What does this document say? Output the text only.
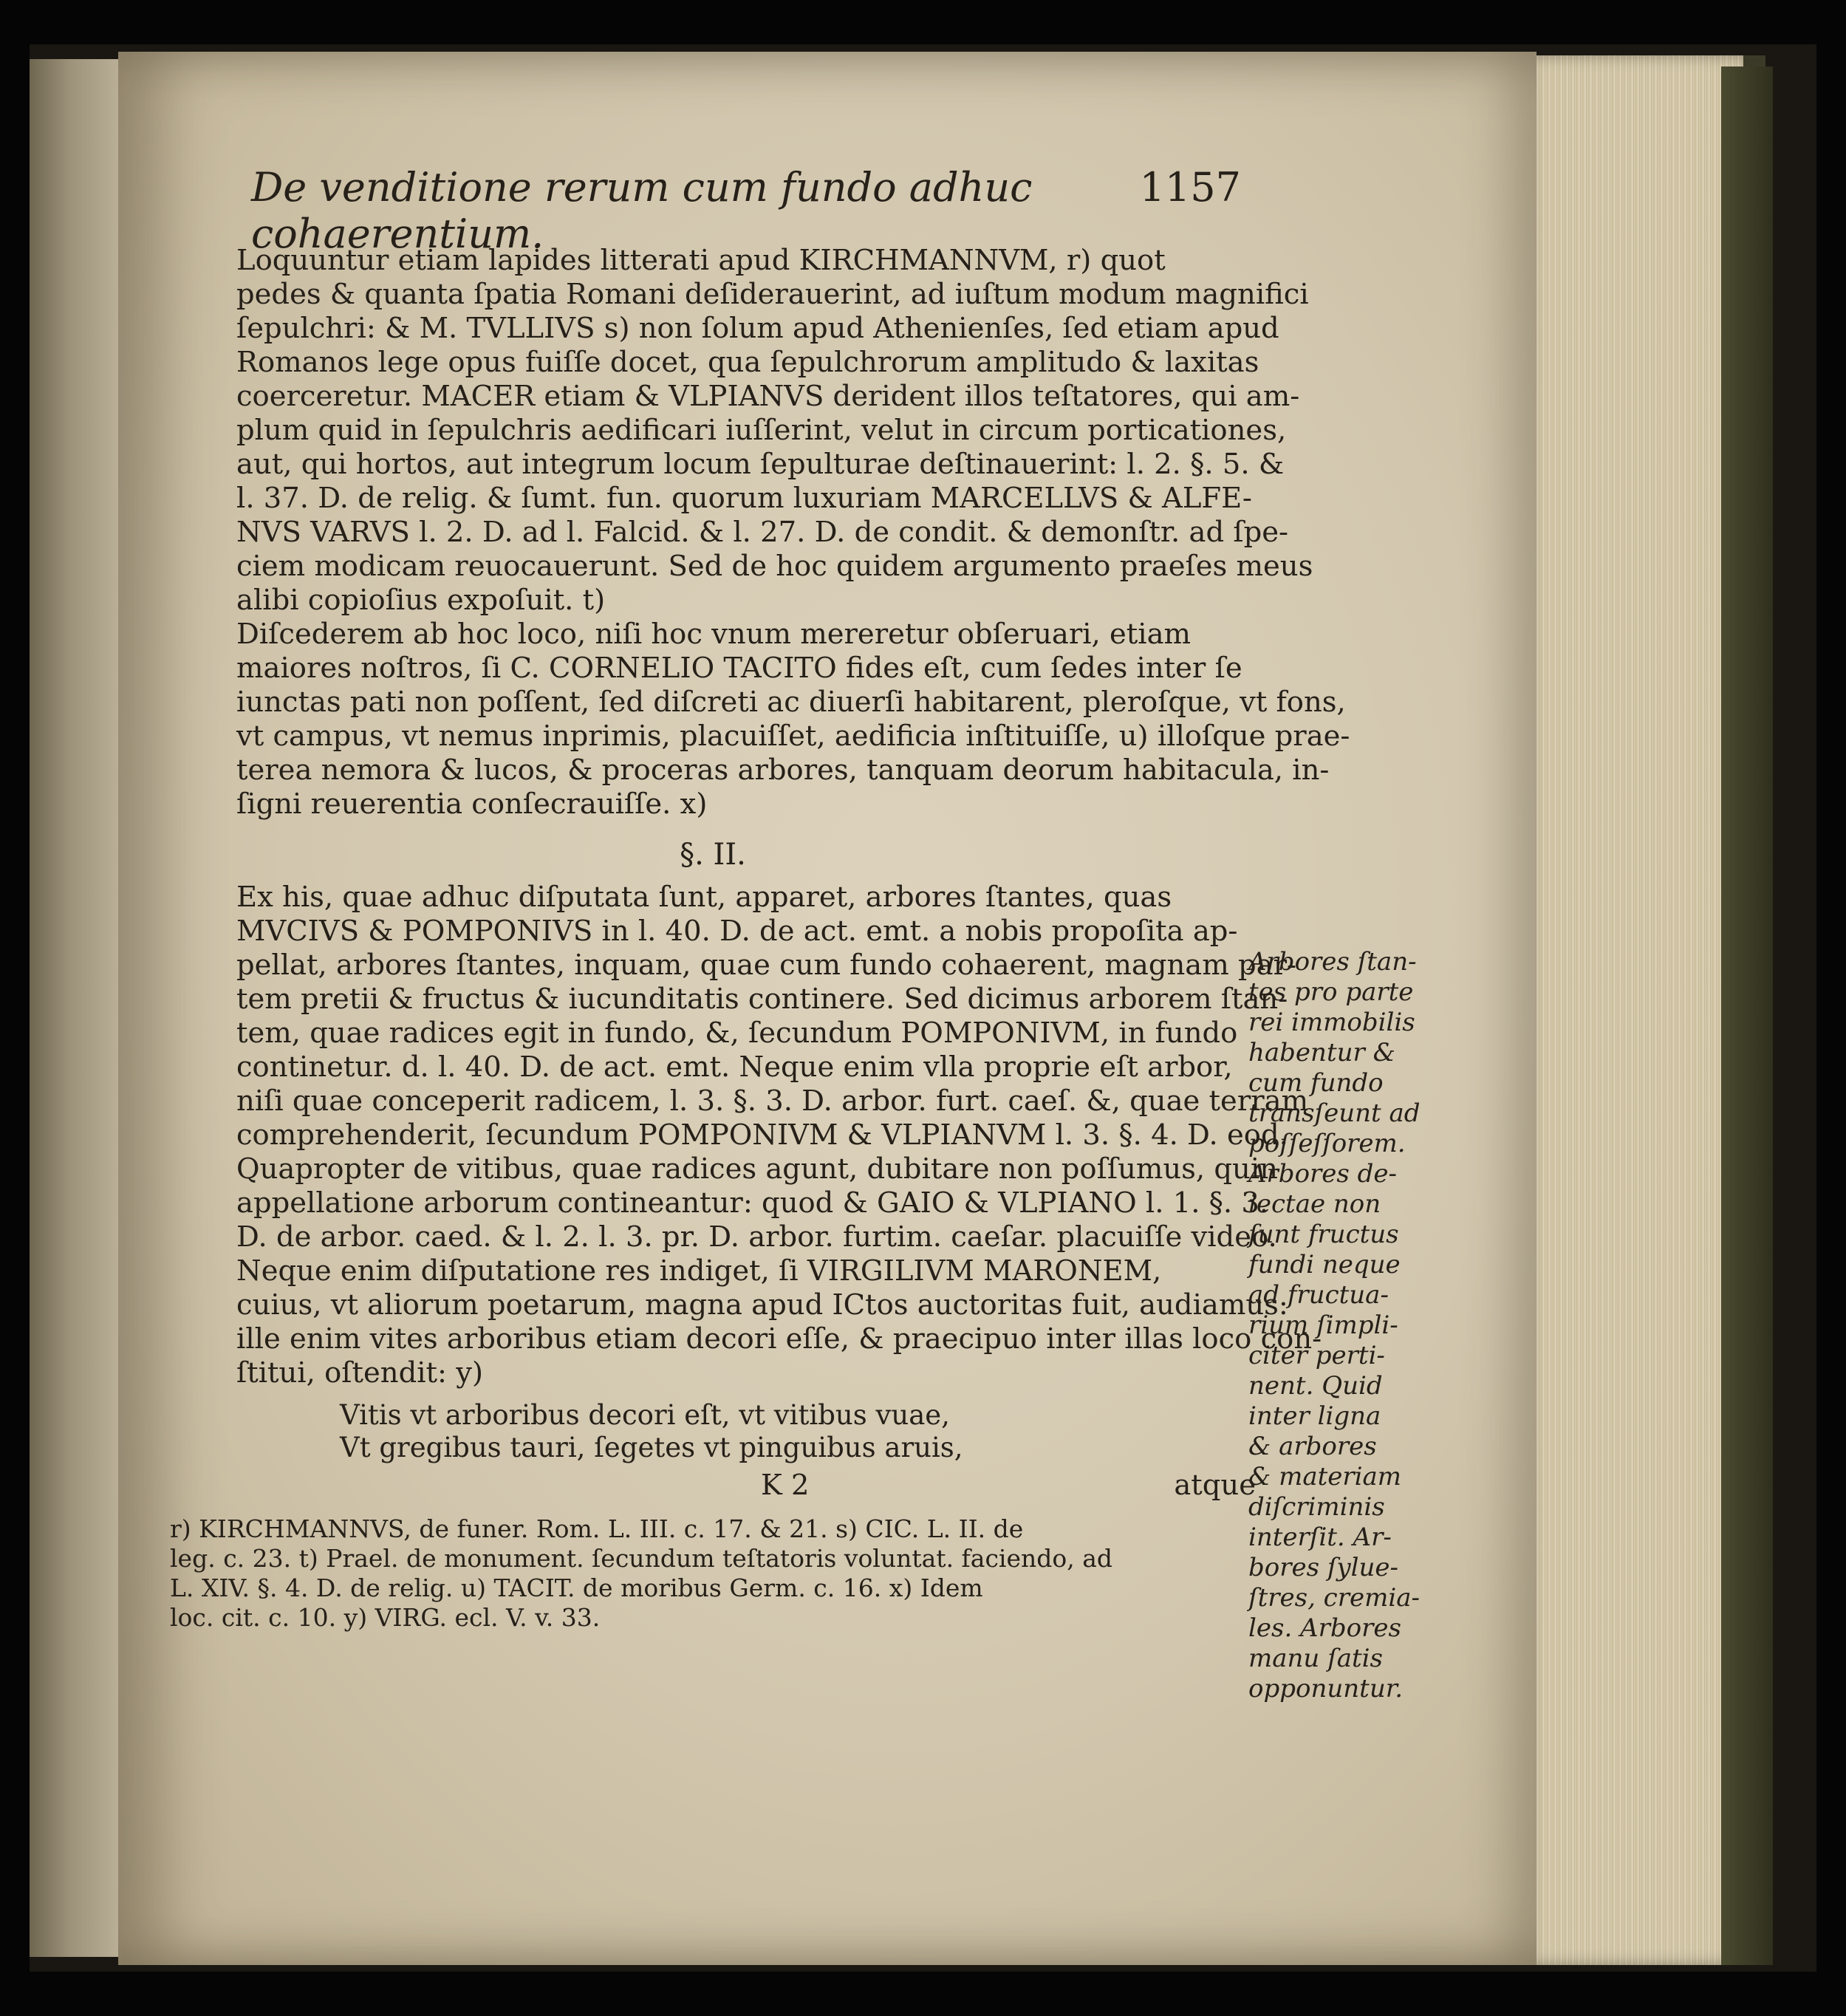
De venditione rerum cum fundo adhuc cohaerentium.
1157
Loquuntur etiam lapides litterati apud KIRCHMANNVM, r) quot
pedes & quanta ſpatia Romani deſiderauerint, ad iuſtum modum magnifici
ſepulchri: & M. TVLLIVS s) non ſolum apud Athenienſes, ſed etiam apud
Romanos lege opus fuiſſe docet, qua ſepulchrorum amplitudo & laxitas
coerceretur. MACER etiam & VLPIANVS derident illos teſtatores, qui am-
plum quid in ſepulchris aedificari iuſſerint, velut in circum porticationes,
aut, qui hortos, aut integrum locum ſepulturae deſtinauerint: l. 2. §. 5. &
l. 37. D. de relig. & ſumt. fun. quorum luxuriam MARCELLVS & ALFE-
NVS VARVS l. 2. D. ad l. Falcid. & l. 27. D. de condit. & demonſtr. ad ſpe-
ciem modicam reuocauerunt. Sed de hoc quidem argumento praeſes meus
alibi copioſius expoſuit. t)
Diſcederem ab hoc loco, niſi hoc vnum mereretur obſeruari, etiam
maiores noſtros, ſi C. CORNELIO TACITO fides eſt, cum ſedes inter ſe
iunctas pati non poſſent, ſed diſcreti ac diuerſi habitarent, pleroſque, vt fons,
vt campus, vt nemus inprimis, placuiſſet, aedificia inſtituiſſe, u) illoſque prae-
terea nemora & lucos, & proceras arbores, tanquam deorum habitacula, in-
ſigni reuerentia conſecrauiſſe. x)
§. II.
Ex his, quae adhuc diſputata ſunt, apparet, arbores ſtantes, quas
MVCIVS & POMPONIVS in l. 40. D. de act. emt. a nobis propoſita ap-
pellat, arbores ſtantes, inquam, quae cum fundo cohaerent, magnam par-
tem pretii & fructus & iucunditatis continere. Sed dicimus arborem ſtan-
tem, quae radices egit in fundo, &, ſecundum POMPONIVM, in fundo
continetur. d. l. 40. D. de act. emt. Neque enim vlla proprie eſt arbor,
niſi quae conceperit radicem, l. 3. §. 3. D. arbor. furt. caeſ. &, quae terram
comprehenderit, ſecundum POMPONIVM & VLPIANVM l. 3. §. 4. D. eod.
Quapropter de vitibus, quae radices agunt, dubitare non poſſumus, quin
appellatione arborum contineantur: quod & GAIO & VLPIANO l. 1. §. 3.
D. de arbor. caed. & l. 2. l. 3. pr. D. arbor. furtim. caeſar. placuiſſe video.
Neque enim diſputatione res indiget, ſi VIRGILIVM MARONEM,
cuius, vt aliorum poetarum, magna apud ICtos auctoritas fuit, audiamus:
ille enim vites arboribus etiam decori eſſe, & praecipuo inter illas loco con-
ſtitui, oſtendit: y)
Vitis vt arboribus decori eſt, vt vitibus vuae,
Vt gregibus tauri, ſegetes vt pinguibus aruis,
K 2	atque
r) KIRCHMANNVS, de funer. Rom. L. III. c. 17. & 21. s) CIC. L. II. de
leg. c. 23. t) Prael. de monument. ſecundum teſtatoris voluntat. faciendo, ad
L. XIV. §. 4. D. de relig. u) TACIT. de moribus Germ. c. 16. x) Idem
loc. cit. c. 10. y) VIRG. ecl. V. v. 33.
Arbores ſtan-
tes pro parte
rei immobilis
habentur &
cum fundo
transſeunt ad
poſſeſſorem.
Arbores de-
iectae non
ſunt fructus
fundi neque
ad fructua-
rium ſimpli-
citer perti-
nent. Quid
inter ligna
& arbores
& materiam
diſcriminis
interſit. Ar-
bores ſylue-
ſtres, cremia-
les. Arbores
manu ſatis
opponuntur.
